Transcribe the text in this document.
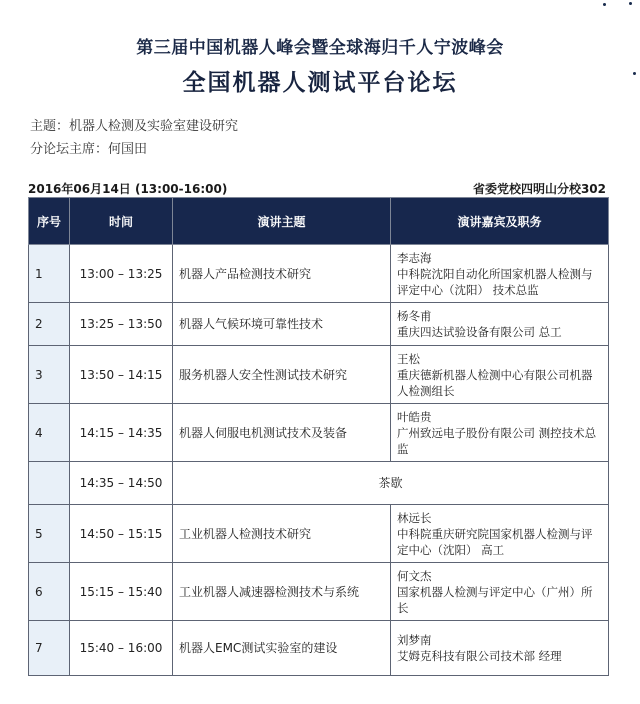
第三届中国机器人峰会暨全球海归千人宁波峰会
全国机器人测试平台论坛
主题：机器人检测及实验室建设研究
分论坛主席：何国田
2016年06月14日 (13:00-16:00)	省委党校四明山分校302
序号	时间	演讲主题	演讲嘉宾及职务
1	13:00 – 13:25	机器人产品检测技术研究	李志海
中科院沈阳自动化所国家机器人检测与评定中心（沈阳） 技术总监

2	13:25 – 13:50	机器人气候环境可靠性技术	杨冬甫
重庆四达试验设备有限公司 总工

3	13:50 – 14:15	服务机器人安全性测试技术研究	王松
重庆德新机器人检测中心有限公司机器人检测组长

4	14:15 – 14:35	机器人伺服电机测试技术及装备	叶皓贵
广州致远电子股份有限公司 测控技术总监

	14:35 – 14:50	茶歇	
5	14:50 – 15:15	工业机器人检测技术研究	林远长
中科院重庆研究院国家机器人检测与评定中心（沈阳） 高工

6	15:15 – 15:40	工业机器人减速器检测技术与系统	何文杰
国家机器人检测与评定中心（广州）所长

7	15:40 – 16:00	机器人EMC测试实验室的建设	刘梦南
艾姆克科技有限公司技术部 经理
